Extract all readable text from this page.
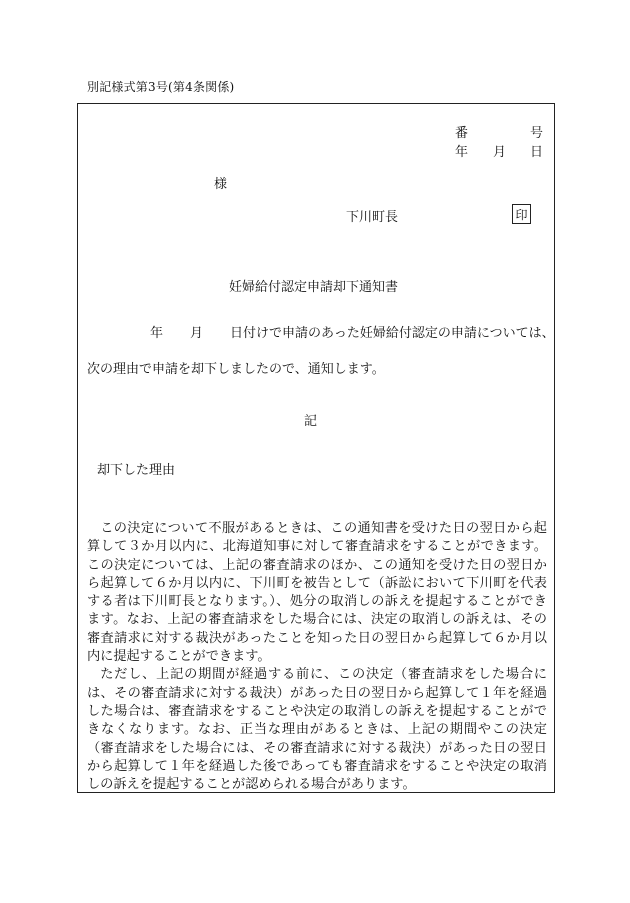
別記様式第3号(第4条関係)
番	号
年 月 日
様
下川町長	印
妊婦給付認定申請却下通知書
年 月 日付けで申請のあった妊婦給付認定の申請については、
次の理由で申請を却下しましたので、通知します。
記
却下した理由

この決定について不服があるときは、この通知書を受けた日の翌日から起算して３か月以内に、北海道知事に対して審査請求をすることができます。この決定については、上記の審査請求のほか、この通知を受けた日の翌日から起算して６か月以内に、下川町を被告として（訴訟において下川町を代表する者は下川町長となります。）、処分の取消しの訴えを提起することができます。なお、上記の審査請求をした場合には、決定の取消しの訴えは、その審査請求に対する裁決があったことを知った日の翌日から起算して６か月以内に提起することができます。

ただし、上記の期間が経過する前に、この決定（審査請求をした場合には、その審査請求に対する裁決）があった日の翌日から起算して１年を経過した場合は、審査請求をすることや決定の取消しの訴えを提起することができなくなります。なお、正当な理由があるときは、上記の期間やこの決定（審査請求をした場合には、その審査請求に対する裁決）があった日の翌日から起算して１年を経過した後であっても審査請求をすることや決定の取消しの訴えを提起することが認められる場合があります。
